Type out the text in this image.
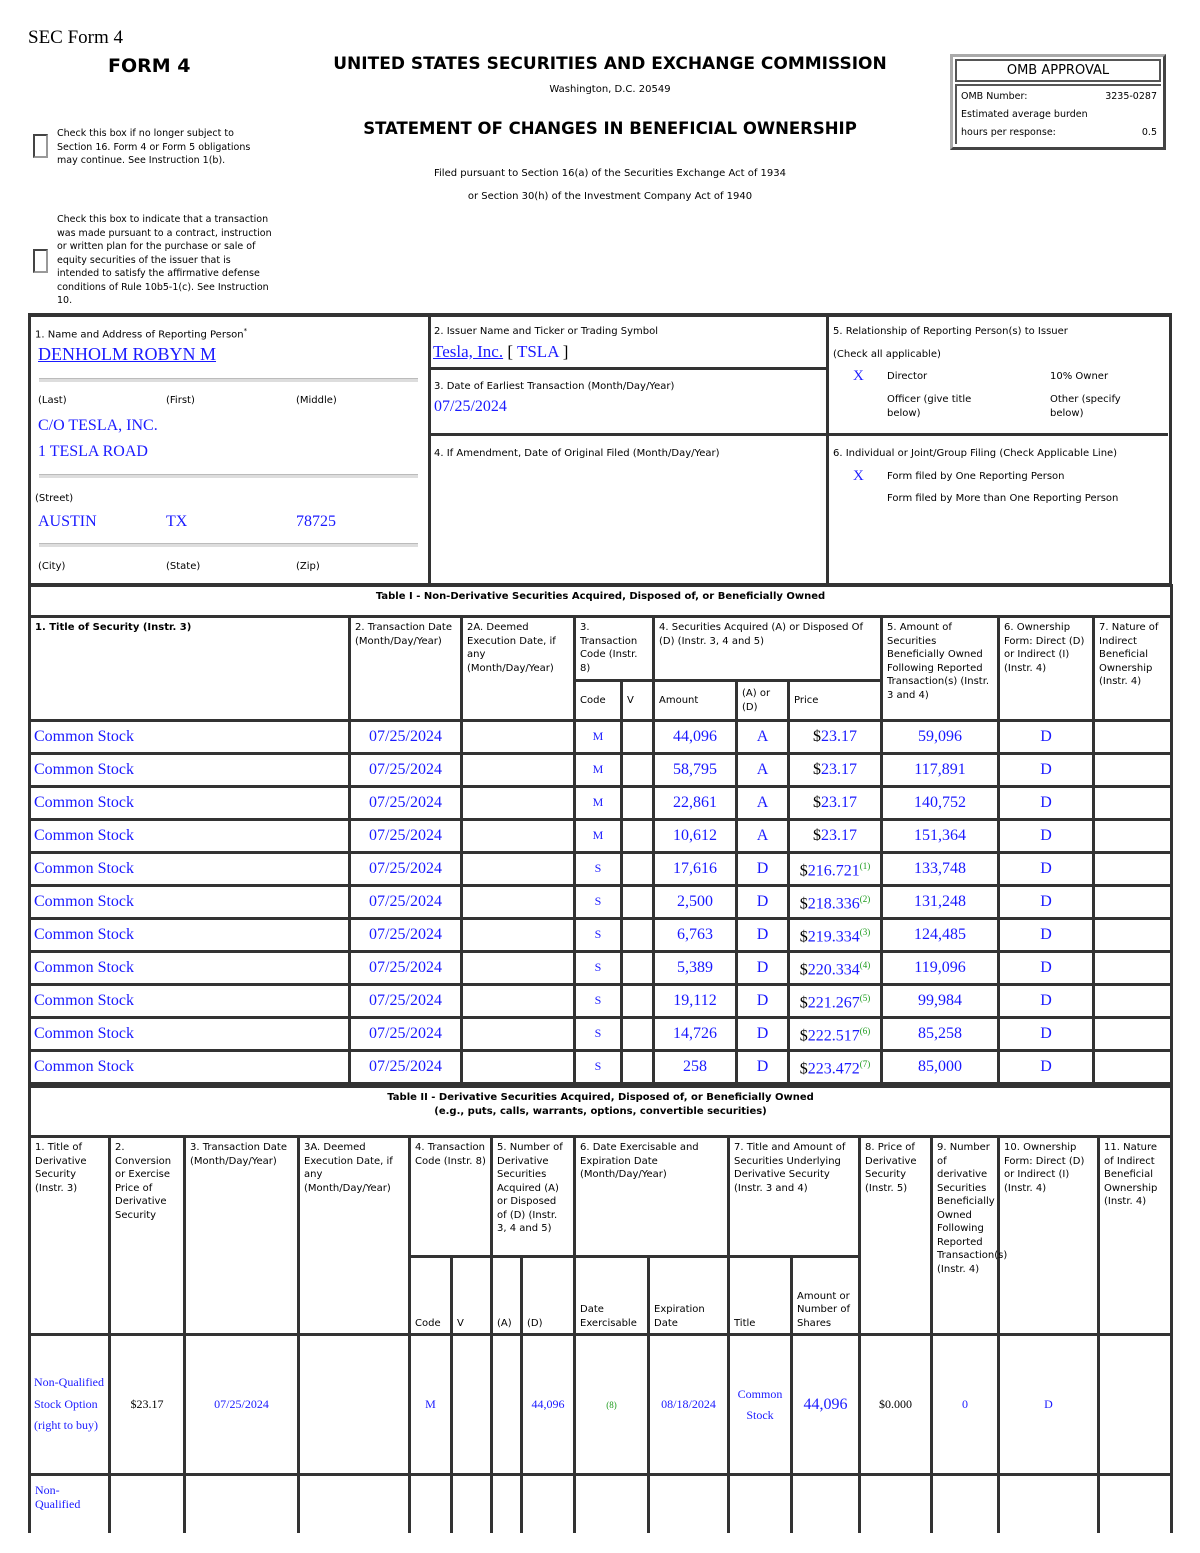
SEC Form 4
FORM 4	UNITED STATES SECURITIES AND EXCHANGE COMMISSION
Washington, D.C. 20549
STATEMENT OF CHANGES IN BENEFICIAL OWNERSHIP
Filed pursuant to Section 16(a) of the Securities Exchange Act of 1934
or Section 30(h) of the Investment Company Act of 1940
Check this box if no longer subject to Section 16. Form 4 or Form 5 obligations may continue. See Instruction 1(b).
Check this box to indicate that a transaction was made pursuant to a contract, instruction or written plan for the purchase or sale of equity securities of the issuer that is intended to satisfy the affirmative defense conditions of Rule 10b5-1(c). See Instruction 10.
OMB APPROVAL
OMB Number:	3235-0287
Estimated average burden
hours per response:	0.5
1. Name and Address of Reporting Person*
DENHOLM ROBYN M
(Last)	(First)	(Middle)
C/O TESLA, INC.
1 TESLA ROAD
(Street)
AUSTIN	TX	78725
(City)	(State)	(Zip)
2. Issuer Name and Ticker or Trading Symbol
Tesla, Inc. [ TSLA ]
3. Date of Earliest Transaction (Month/Day/Year)
07/25/2024
4. If Amendment, Date of Original Filed (Month/Day/Year)
5. Relationship of Reporting Person(s) to Issuer
(Check all applicable)
X Director	10% Owner
Officer (give title below)
Other (specify below)
6. Individual or Joint/Group Filing (Check Applicable Line)
X Form filed by One Reporting Person
Form filed by More than One Reporting Person
Table I - Non-Derivative Securities Acquired, Disposed of, or Beneficially Owned										
1. Title of Security (Instr. 3)	2. Transaction Date (Month/Day/Year)	2A. Deemed Execution Date, if any (Month/Day/Year)	3. Transaction Code (Instr. 8)		4. Securities Acquired (A) or Disposed Of (D) (Instr. 3, 4 and 5)			5. Amount of Securities Beneficially Owned Following Reported Transaction(s) (Instr. 3 and 4)	6. Ownership Form: Direct (D) or Indirect (I) (Instr. 4)	7. Nature of Indirect Beneficial Ownership (Instr. 4)
			Code	V	Amount	(A) or (D)	Price			
Common Stock	07/25/2024		M		44,096	A	$23.17	59,096	D	
Common Stock	07/25/2024		M		58,795	A	$23.17	117,891	D	
Common Stock	07/25/2024		M		22,861	A	$23.17	140,752	D	
Common Stock	07/25/2024		M		10,612	A	$23.17	151,364	D	
Common Stock	07/25/2024		S		17,616	D	$216.721$^{(1)}$	133,748	D	
Common Stock	07/25/2024		S		2,500	D	$218.336$^{(2)}$	131,248	D	
Common Stock	07/25/2024		S		6,763	D	$219.334$^{(3)}$	124,485	D	
Common Stock	07/25/2024		S		5,389	D	$220.334$^{(4)}$	119,096	D	
Common Stock	07/25/2024		S		19,112	D	$221.267$^{(5)}$	99,984	D	
Common Stock	07/25/2024		S		14,726	D	$222.517$^{(6)}$	85,258	D	
Common Stock	07/25/2024		S		258	D	$223.472$^{(7)}$	85,000	D	
Table II - Derivative Securities Acquired, Disposed of, or Beneficially Owned
(e.g., puts, calls, warrants, options, convertible securities)															

1. Title of Derivative Security (Instr. 3)	2. Conversion or Exercise Price of Derivative Security	3. Transaction Date (Month/Day/Year)	3A. Deemed Execution Date, if any (Month/Day/Year)	4. Transaction Code (Instr. 8)		5. Number of Derivative Securities Acquired (A) or Disposed of (D) (Instr. 3, 4 and 5)		6. Date Exercisable and Expiration Date (Month/Day/Year)		7. Title and Amount of Securities Underlying Derivative Security (Instr. 3 and 4)		8. Price of Derivative Security (Instr. 5)	9. Number of derivative Securities Beneficially Owned Following Reported Transaction(s) (Instr. 4)	10. Ownership Form: Direct (D) or Indirect (I) (Instr. 4)	11. Nature of Indirect Beneficial Ownership (Instr. 4)
				Code	V	(A)	(D)	Date Exercisable	Expiration Date	Title	Amount or Number of Shares				
Non-Qualified Stock Option (right to buy)	$23.17	07/25/2024		M			44,096	(8)	08/18/2024	Common Stock	44,096	$0.000	0	D	
Non-Qualified															
